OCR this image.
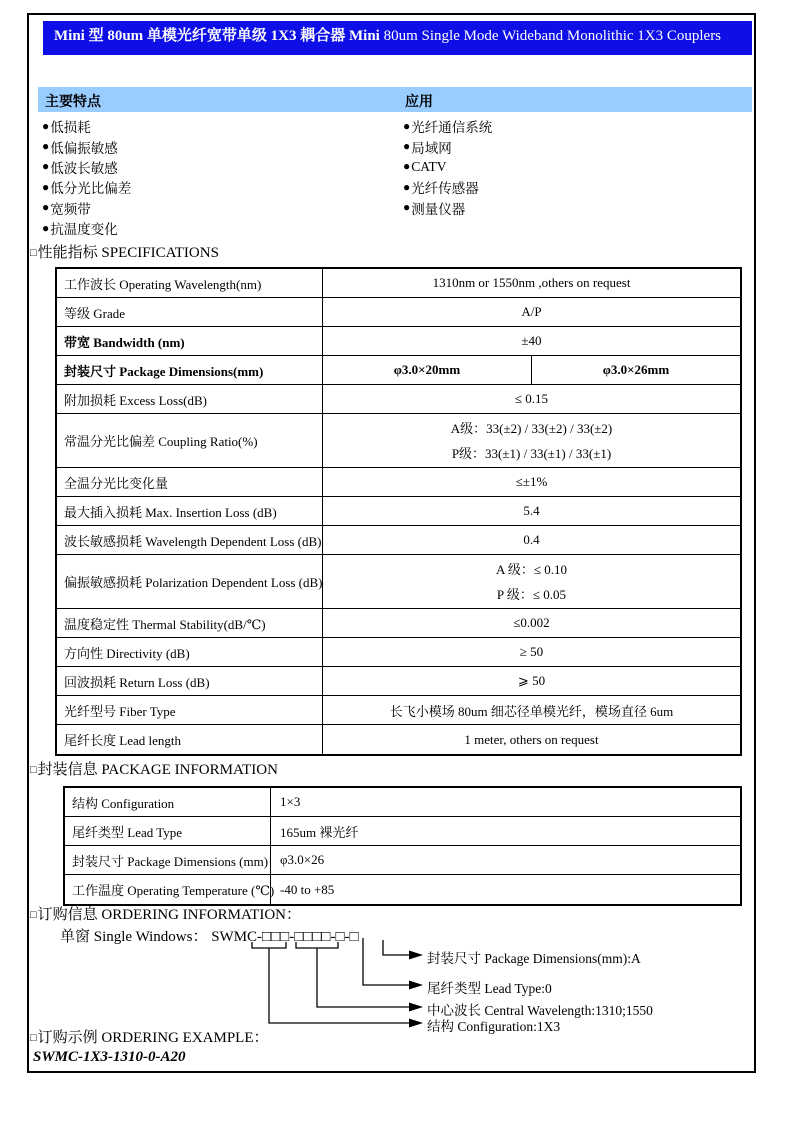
Mini 型 80um 单模光纤宽带单级 1X3 耦合器 Mini 80um Single Mode Wideband Monolithic 1X3 Couplers
主要特点	应用
● 低损耗
● 低偏振敏感
● 低波长敏感
● 低分光比偏差
● 宽频带
● 抗温度变化
● 光纤通信系统
● 局域网
● CATV
● 光纤传感器
● 测量仪器
□性能指标 SPECIFICATIONS
工作波长 Operating Wavelength(nm)	1310nm or 1550nm ,others on request
等级 Grade	A/P
带宽 Bandwidth (nm)	±40
封装尺寸 Package Dimensions(mm)	φ3.0×20mm	φ3.0×26mm
附加损耗 Excess Loss(dB)	≤ 0.15
常温分光比偏差 Coupling Ratio(%)
A级：33(±2) / 33(±2) / 33(±2)
P级：33(±1) / 33(±1) / 33(±1)
全温分光比变化量	≤±1%
最大插入损耗 Max. Insertion Loss (dB)	5.4
波长敏感损耗 Wavelength Dependent Loss (dB)	0.4
偏振敏感损耗 Polarization Dependent Loss (dB)
A 级：≤ 0.10
P 级：≤ 0.05
温度稳定性 Thermal Stability(dB/℃)	≤0.002
方向性 Directivity (dB)	≥ 50
回波损耗 Return Loss (dB)	⩾ 50
光纤型号 Fiber Type	长飞小模场 80um 细芯径单模光纤，模场直径 6um
尾纤长度 Lead length	1 meter, others on request
□封装信息 PACKAGE INFORMATION
结构 Configuration	1×3
尾纤类型 Lead Type	165um 裸光纤
封装尺寸 Package Dimensions (mm) φ3.0×26
工作温度 Operating Temperature (℃) -40 to +85
□订购信息 ORDERING INFORMATION：
单窗 Single Windows： SWMC-□□□-□□□□-□-□
封装尺寸 Package Dimensions(mm):A
尾纤类型 Lead Type:0
中心波长 Central Wavelength:1310;1550
结构 Configuration:1X3
□订购示例 ORDERING EXAMPLE：
SWMC-1X3-1310-0-A20
